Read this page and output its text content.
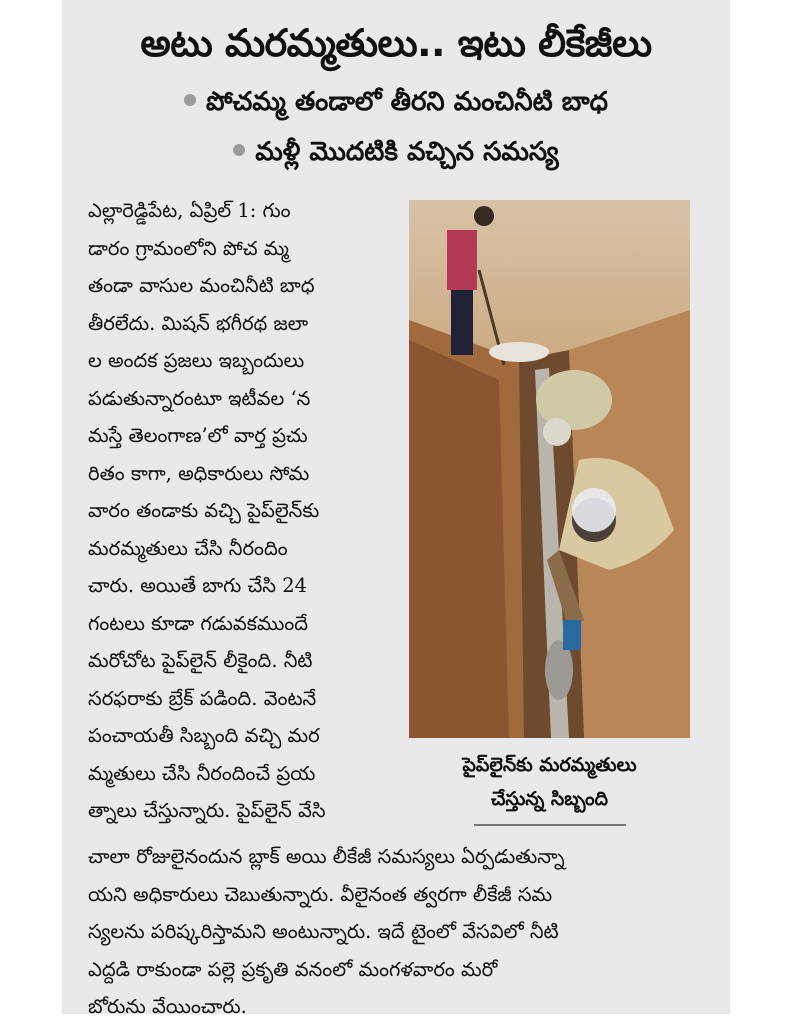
అటు మరమ్మతులు.. ఇటు లీకేజీలు
పోచమ్మ తండాలో తీరని మంచినీటి బాధ
మళ్లీ మొదటికి వచ్చిన సమస్య
ఎల్లారెడ్డిపేట, ఏప్రిల్ 1: గుం
డారం గ్రామంలోని పోచ మ్మ
తండా వాసుల మంచినీటి బాధ
తీరలేదు. మిషన్ భగీరథ జలా
ల అందక ప్రజలు ఇబ్బందులు
పడుతున్నారంటూ ఇటీవల ‘న
మస్తే తెలంగాణ’లో వార్త ప్రచు
రితం కాగా, అధికారులు సోమ
వారం తండాకు వచ్చి పైప్‌లైన్‌కు
మరమ్మతులు చేసి నీరందిం
చారు. అయితే బాగు చేసి 24
గంటలు కూడా గడువకముందే
మరోచోట పైప్‌లైన్ లీకైంది. నీటి
సరఫరాకు బ్రేక్ పడింది. వెంటనే
పంచాయతీ సిబ్బంది వచ్చి మర
మ్మతులు చేసి నీరందించే ప్రయ
త్నాలు చేస్తున్నారు. పైప్‌లైన్ వేసి
పైప్‌లైన్‌కు మరమ్మతులు
చేస్తున్న సిబ్బంది
చాలా రోజులైనందున బ్లాక్ అయి లీకేజీ సమస్యలు ఏర్పడుతున్నా
యని అధికారులు చెబుతున్నారు. వీలైనంత త్వరగా లీకేజీ సమ
స్యలను పరిష్కరిస్తామని అంటున్నారు. ఇదే టైంలో వేసవిలో నీటి
ఎద్దడి రాకుండా పల్లె ప్రకృతి వనంలో మంగళవారం మరో
బోరును వేయించారు.
